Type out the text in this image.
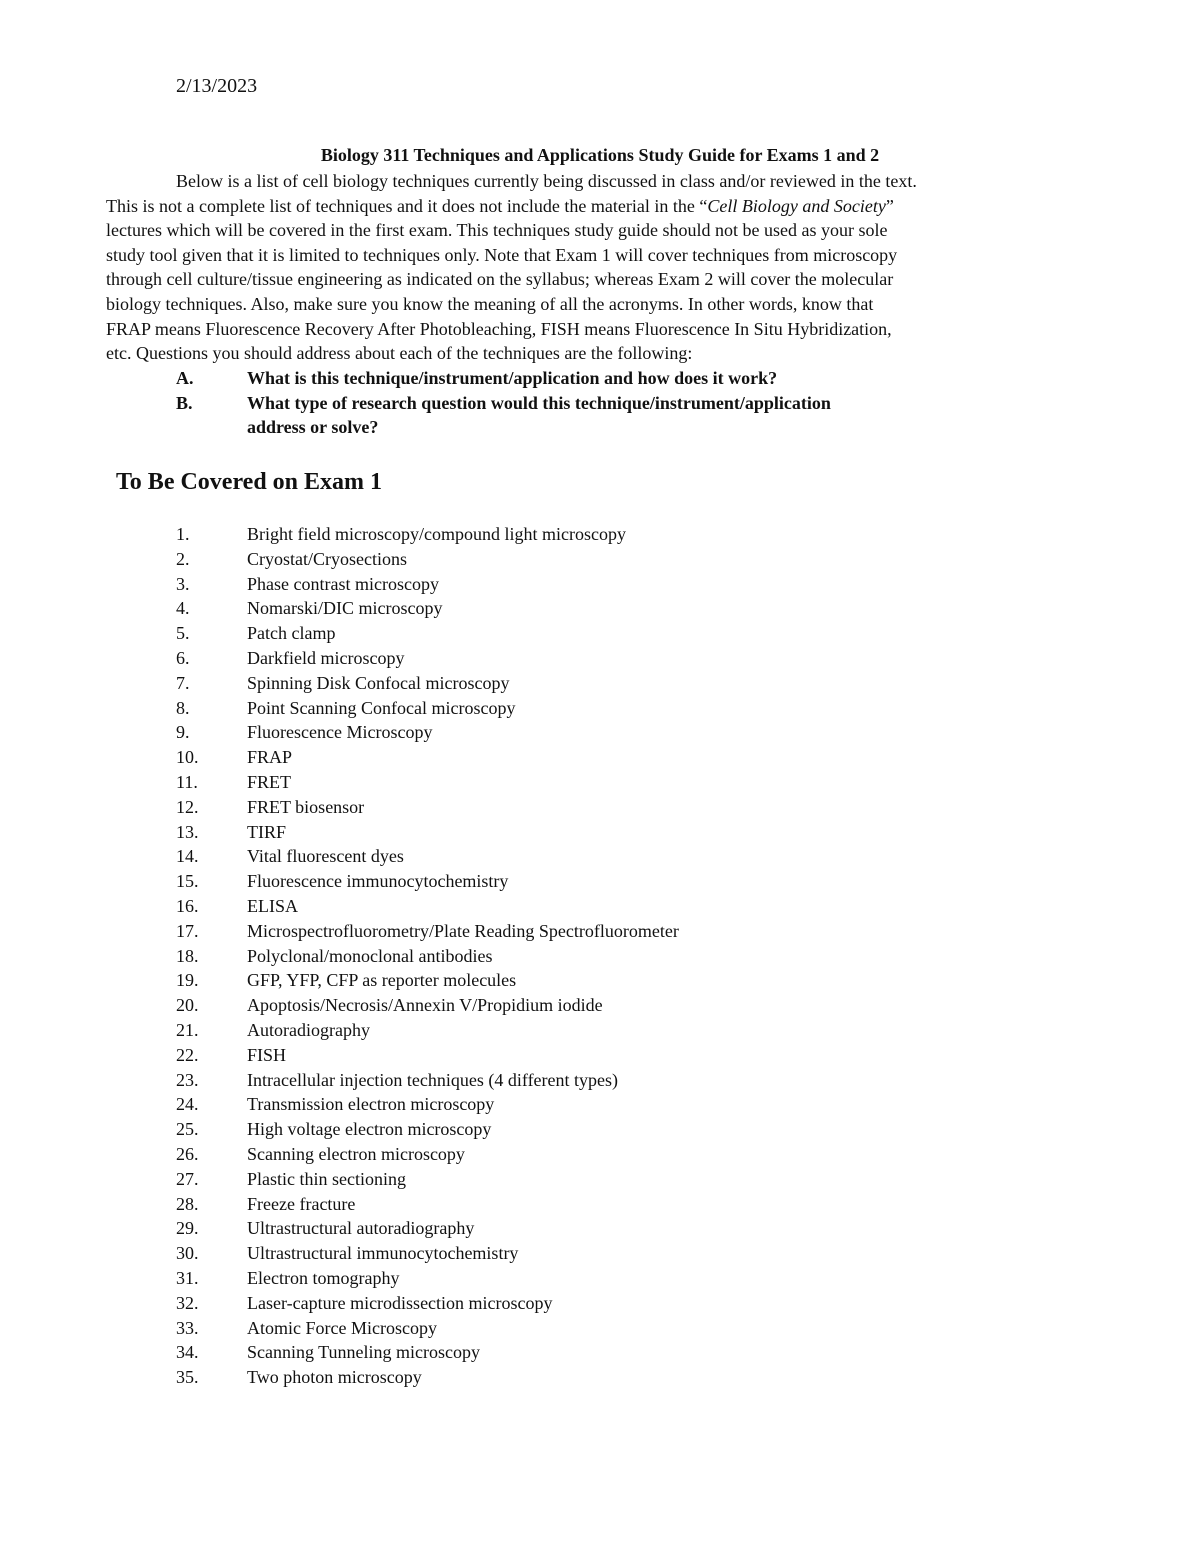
2/13/2023
Biology 311 Techniques and Applications Study Guide for Exams 1 and 2
Below is a list of cell biology techniques currently being discussed in class and/or reviewed in the text.
This is not a complete list of techniques and it does not include the material in the “Cell Biology and Society”
lectures which will be covered in the first exam. This techniques study guide should not be used as your sole
study tool given that it is limited to techniques only. Note that Exam 1 will cover techniques from microscopy
through cell culture/tissue engineering as indicated on the syllabus; whereas Exam 2 will cover the molecular
biology techniques. Also, make sure you know the meaning of all the acronyms. In other words, know that
FRAP means Fluorescence Recovery After Photobleaching, FISH means Fluorescence In Situ Hybridization,
etc. Questions you should address about each of the techniques are the following:
A.	What is this technique/instrument/application and how does it work?
B.	What type of research question would this technique/instrument/application
address or solve?
To Be Covered on Exam 1
1.	Bright field microscopy/compound light microscopy
2.	Cryostat/Cryosections
3.	Phase contrast microscopy
4.	Nomarski/DIC microscopy
5.	Patch clamp
6.	Darkfield microscopy
7.	Spinning Disk Confocal microscopy
8.	Point Scanning Confocal microscopy
9.	Fluorescence Microscopy
10.	FRAP
11.	FRET
12.	FRET biosensor
13.	TIRF
14.	Vital fluorescent dyes
15.	Fluorescence immunocytochemistry
16.	ELISA
17.	Microspectrofluorometry/Plate Reading Spectrofluorometer
18.	Polyclonal/monoclonal antibodies
19.	GFP, YFP, CFP as reporter molecules
20.	Apoptosis/Necrosis/Annexin V/Propidium iodide
21.	Autoradiography
22.	FISH
23.	Intracellular injection techniques (4 different types)
24.	Transmission electron microscopy
25.	High voltage electron microscopy
26.	Scanning electron microscopy
27.	Plastic thin sectioning
28.	Freeze fracture
29.	Ultrastructural autoradiography
30.	Ultrastructural immunocytochemistry
31.	Electron tomography
32.	Laser-capture microdissection microscopy
33.	Atomic Force Microscopy
34.	Scanning Tunneling microscopy
35.	Two photon microscopy
